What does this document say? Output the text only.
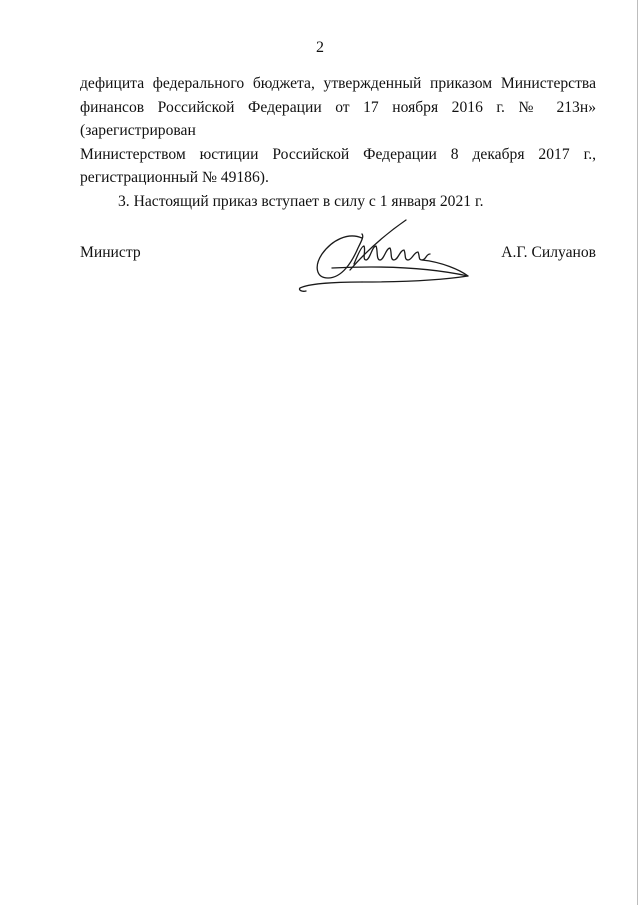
2

дефицита федерального бюджета, утвержденный приказом Министерства
финансов Российской Федерации от 17 ноября 2016 г. № 213н» (зарегистрирован
Министерством юстиции Российской Федерации 8 декабря 2017 г.,
регистрационный № 49186).

3. Настоящий приказ вступает в силу с 1 января 2021 г.

Министр	А.Г. Силуанов
